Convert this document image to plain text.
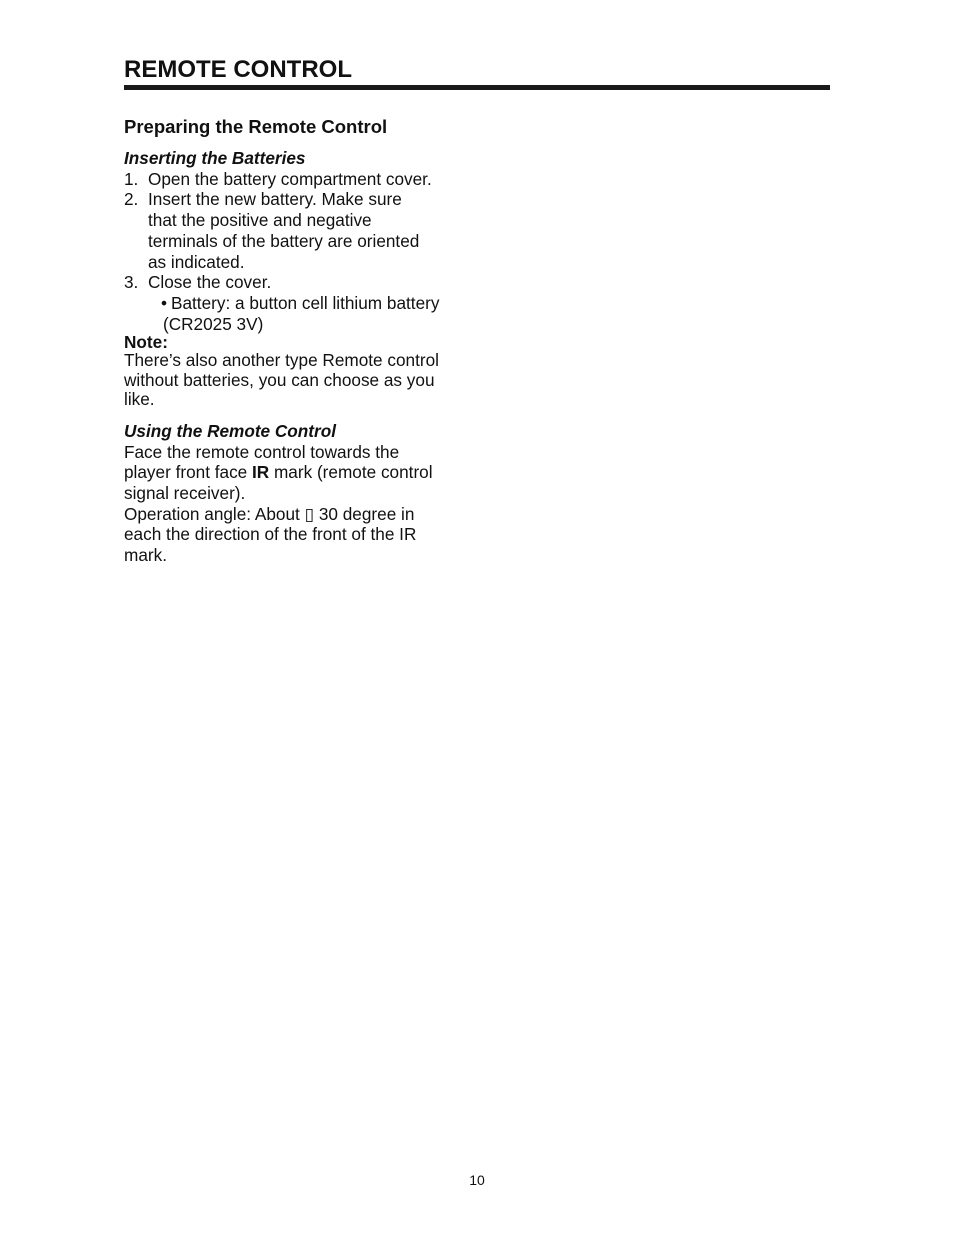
REMOTE CONTROL
Preparing the Remote Control

Inserting the Batteries

1. Open the battery compartment cover.
2. Insert the new battery. Make sure
that the positive and negative
terminals of the battery are oriented
as indicated.
3. Close the cover.
• Battery: a button cell lithium battery
(CR2025 3V)

Note:

There’s also another type Remote control
without batteries, you can choose as you
like.

Using the Remote Control

Face the remote control towards the
player front face IR mark (remote control
signal receiver).
Operation angle: About ▯ 30 degree in
each the direction of the front of the IR
mark.

10
